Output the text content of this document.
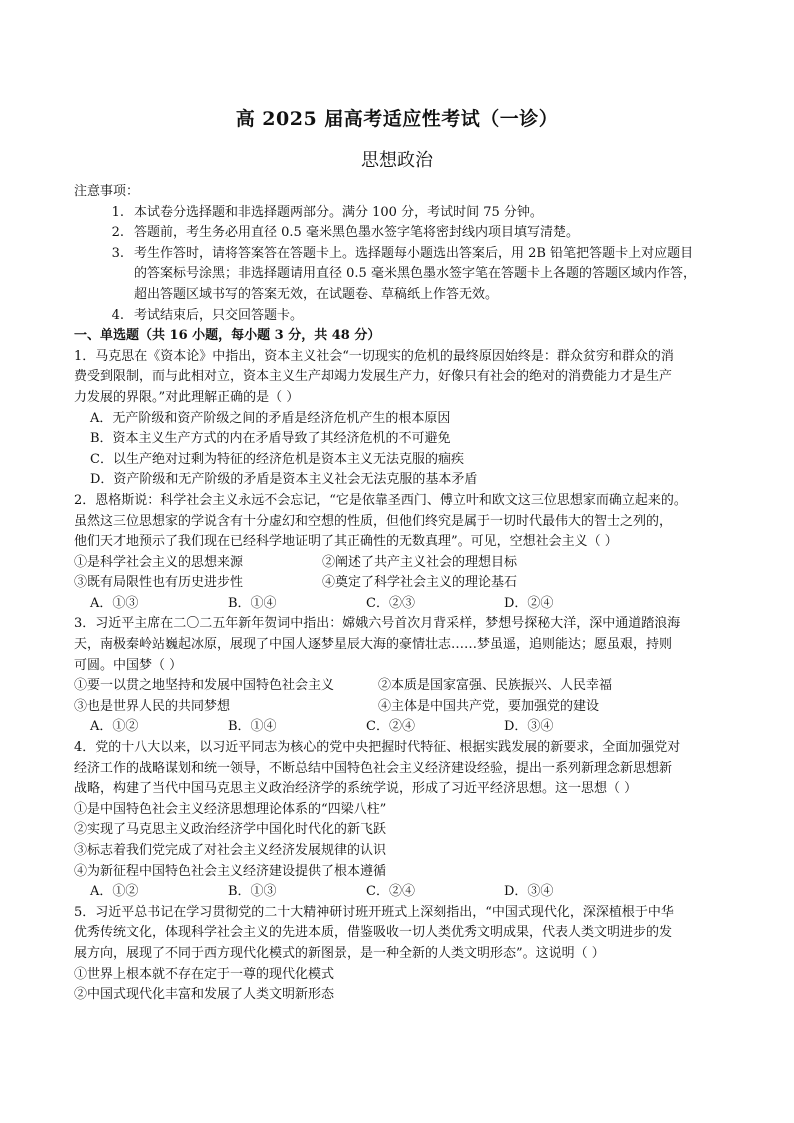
高 2025 届高考适应性考试（一诊）
思想政治
注意事项：
1. 本试卷分选择题和非选择题两部分。满分 100 分，考试时间 75 分钟。
2. 答题前，考生务必用直径 0.5 毫米黑色墨水签字笔将密封线内项目填写清楚。
3. 考生作答时，请将答案答在答题卡上。选择题每小题选出答案后，用 2B 铅笔把答题卡上对应题目
的答案标号涂黑；非选择题请用直径 0.5 毫米黑色墨水签字笔在答题卡上各题的答题区域内作答，
超出答题区域书写的答案无效，在试题卷、草稿纸上作答无效。
4. 考试结束后，只交回答题卡。
一、单选题（共 16 小题，每小题 3 分，共 48 分）
1．马克思在《资本论》中指出，资本主义社会“一切现实的危机的最终原因始终是：群众贫穷和群众的消
费受到限制，而与此相对立，资本主义生产却竭力发展生产力，好像只有社会的绝对的消费能力才是生产
力发展的界限。”对此理解正确的是（ ）
A．无产阶级和资产阶级之间的矛盾是经济危机产生的根本原因
B．资本主义生产方式的内在矛盾导致了其经济危机的不可避免
C．以生产绝对过剩为特征的经济危机是资本主义无法克服的痼疾
D．资产阶级和无产阶级的矛盾是资本主义社会无法克服的基本矛盾
2．恩格斯说：科学社会主义永远不会忘记，“它是依靠圣西门、傅立叶和欧文这三位思想家而确立起来的。
虽然这三位思想家的学说含有十分虚幻和空想的性质，但他们终究是属于一切时代最伟大的智士之列的，
他们天才地预示了我们现在已经科学地证明了其正确性的无数真理”。可见，空想社会主义（ ）
①是科学社会主义的思想来源	②阐述了共产主义社会的理想目标
③既有局限性也有历史进步性	④奠定了科学社会主义的理论基石
A．①③	B．①④	C．②③	D．②④
3．习近平主席在二〇二五年新年贺词中指出：嫦娥六号首次月背采样，梦想号探秘大洋，深中通道踏浪海
天，南极秦岭站巍起冰原，展现了中国人逐梦星辰大海的豪情壮志……梦虽遥，追则能达；愿虽艰，持则
可圆。中国梦（ ）
①要一以贯之地坚持和发展中国特色社会主义	②本质是国家富强、民族振兴、人民幸福
③也是世界人民的共同梦想	④主体是中国共产党，要加强党的建设
A．①②	B．①④	C．②④	D．③④
4．党的十八大以来，以习近平同志为核心的党中央把握时代特征、根据实践发展的新要求，全面加强党对
经济工作的战略谋划和统一领导，不断总结中国特色社会主义经济建设经验，提出一系列新理念新思想新
战略，构建了当代中国马克思主义政治经济学的系统学说，形成了习近平经济思想。这一思想（ ）
①是中国特色社会主义经济思想理论体系的“四梁八柱”
②实现了马克思主义政治经济学中国化时代化的新飞跃
③标志着我们党完成了对社会主义经济发展规律的认识
④为新征程中国特色社会主义经济建设提供了根本遵循
A．①②	B．①③	C．②④	D．③④
5．习近平总书记在学习贯彻党的二十大精神研讨班开班式上深刻指出，“中国式现代化，深深植根于中华
优秀传统文化，体现科学社会主义的先进本质，借鉴吸收一切人类优秀文明成果，代表人类文明进步的发
展方向，展现了不同于西方现代化模式的新图景，是一种全新的人类文明形态”。这说明（ ）
①世界上根本就不存在定于一尊的现代化模式
②中国式现代化丰富和发展了人类文明新形态
